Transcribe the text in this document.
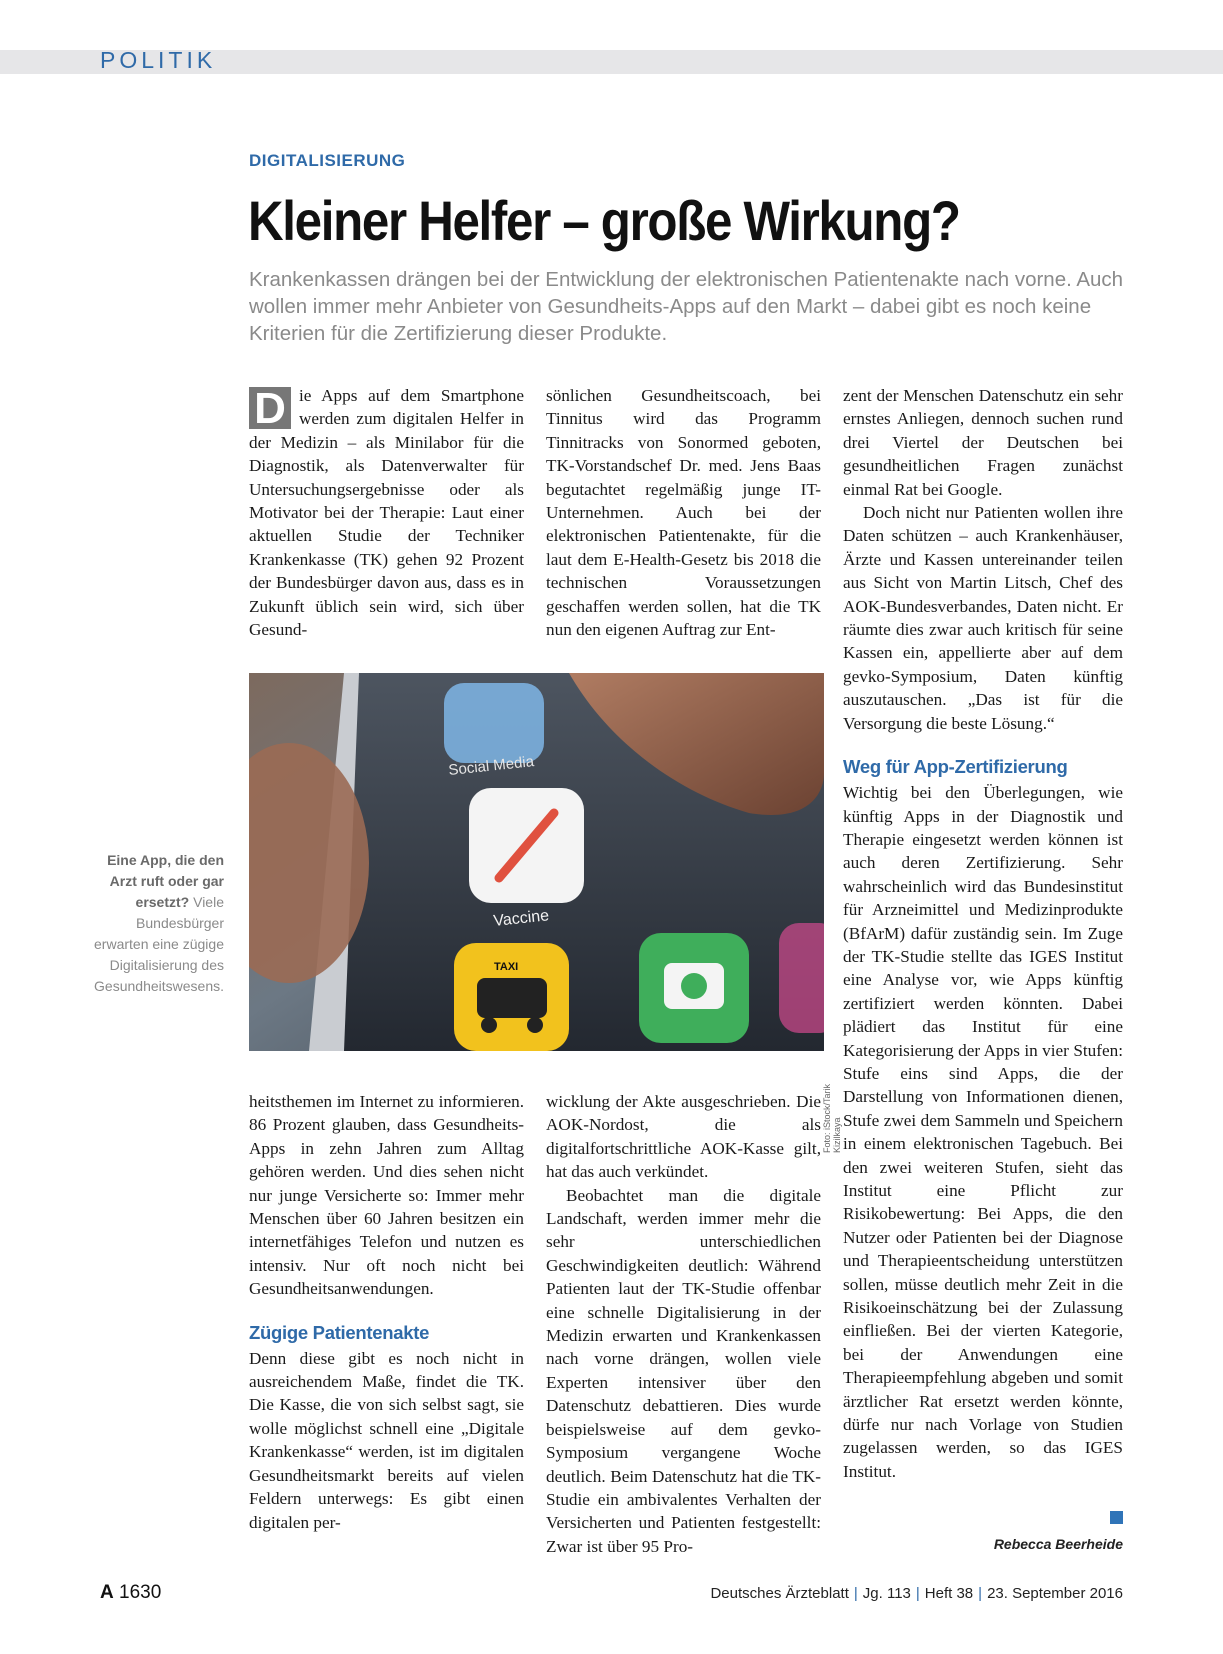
POLITIK
DIGITALISIERUNG
Kleiner Helfer – große Wirkung?
Krankenkassen drängen bei der Entwicklung der elektronischen Patientenakte nach vorne. Auch wollen immer mehr Anbieter von Gesundheits-Apps auf den Markt – dabei gibt es noch keine Kriterien für die Zertifizierung dieser Produkte.

D ie Apps auf dem Smartphone werden zum digitalen Helfer in der Medizin – als Minilabor für die Diagnostik, als Datenverwalter für Untersuchungsergebnisse oder als Motivator bei der Therapie: Laut einer aktuellen Studie der Techniker Krankenkasse (TK) gehen 92 Prozent der Bundesbürger davon aus, dass es in Zukunft üblich sein wird, sich über Gesund-

sönlichen Gesundheitscoach, bei Tinnitus wird das Programm Tinnitracks von Sonormed geboten, TK-Vorstandschef Dr. med. Jens Baas begutachtet regelmäßig junge IT-Unternehmen. Auch bei der elektronischen Patientenakte, für die laut dem E-Health-Gesetz bis 2018 die technischen Voraussetzungen geschaffen werden sollen, hat die TK nun den eigenen Auftrag zur Ent-

zent der Menschen Datenschutz ein sehr ernstes Anliegen, dennoch suchen rund drei Viertel der Deutschen bei gesundheitlichen Fragen zunächst einmal Rat bei Google.

Doch nicht nur Patienten wollen ihre Daten schützen – auch Krankenhäuser, Ärzte und Kassen untereinander teilen aus Sicht von Martin Litsch, Chef des AOK-Bundesverbandes, Daten nicht. Er räumte dies zwar auch kritisch für seine Kassen ein, appellierte aber auf dem gevko-Symposium, Daten künftig auszutauschen. „Das ist für die Versorgung die beste Lösung.“

Weg für App-Zertifizierung

Wichtig bei den Überlegungen, wie künftig Apps in der Diagnostik und Therapie eingesetzt werden können ist auch deren Zertifizierung. Sehr wahrscheinlich wird das Bundesinstitut für Arzneimittel und Medizinprodukte (BfArM) dafür zuständig sein. Im Zuge der TK-Studie stellte das IGES Institut eine Analyse vor, wie Apps künftig zertifiziert werden könnten. Dabei plädiert das Institut für eine Kategorisierung der Apps in vier Stufen: Stufe eins sind Apps, die der Darstellung von Informationen dienen, Stufe zwei dem Sammeln und Speichern in einem elektronischen Tagebuch. Bei den zwei weiteren Stufen, sieht das Institut eine Pflicht zur Risikobewertung: Bei Apps, die den Nutzer oder Patienten bei der Diagnose und Therapieentscheidung unterstützen sollen, müsse deutlich mehr Zeit in die Risikoeinschätzung bei der Zulassung einfließen. Bei der vierten Kategorie, bei der Anwendungen eine Therapieempfehlung abgeben und somit ärztlicher Rat ersetzt werden könnte, dürfe nur nach Vorlage von Studien zugelassen werden, so das IGES Institut.

Social Media
Vaccine
TAXI
Foto: iStock/Tarik Kizilkaya
Eine App, die den Arzt ruft oder gar ersetzt? Viele Bundesbürger erwarten eine zügige Digitalisierung des Gesundheitswesens.

heitsthemen im Internet zu informieren. 86 Prozent glauben, dass Gesundheits-Apps in zehn Jahren zum Alltag gehören werden. Und dies sehen nicht nur junge Versicherte so: Immer mehr Menschen über 60 Jahren besitzen ein internetfähiges Telefon und nutzen es intensiv. Nur oft noch nicht bei Gesundheitsanwendungen.

Zügige Patientenakte

Denn diese gibt es noch nicht in ausreichendem Maße, findet die TK. Die Kasse, die von sich selbst sagt, sie wolle möglichst schnell eine „Digitale Krankenkasse“ werden, ist im digitalen Gesundheitsmarkt bereits auf vielen Feldern unterwegs: Es gibt einen digitalen per-

wicklung der Akte ausgeschrieben. Die AOK-Nordost, die als digitalfortschrittliche AOK-Kasse gilt, hat das auch verkündet.

Beobachtet man die digitale Landschaft, werden immer mehr die sehr unterschiedlichen Geschwindigkeiten deutlich: Während Patienten laut der TK-Studie offenbar eine schnelle Digitalisierung in der Medizin erwarten und Krankenkassen nach vorne drängen, wollen viele Experten intensiver über den Datenschutz debattieren. Dies wurde beispielsweise auf dem gevko-Symposium vergangene Woche deutlich. Beim Datenschutz hat die TK-Studie ein ambivalentes Verhalten der Versicherten und Patienten festgestellt: Zwar ist über 95 Pro-	Rebecca Beerheide
A 1630	Deutsches Ärzteblatt | Jg. 113 | Heft 38 | 23. September 2016
